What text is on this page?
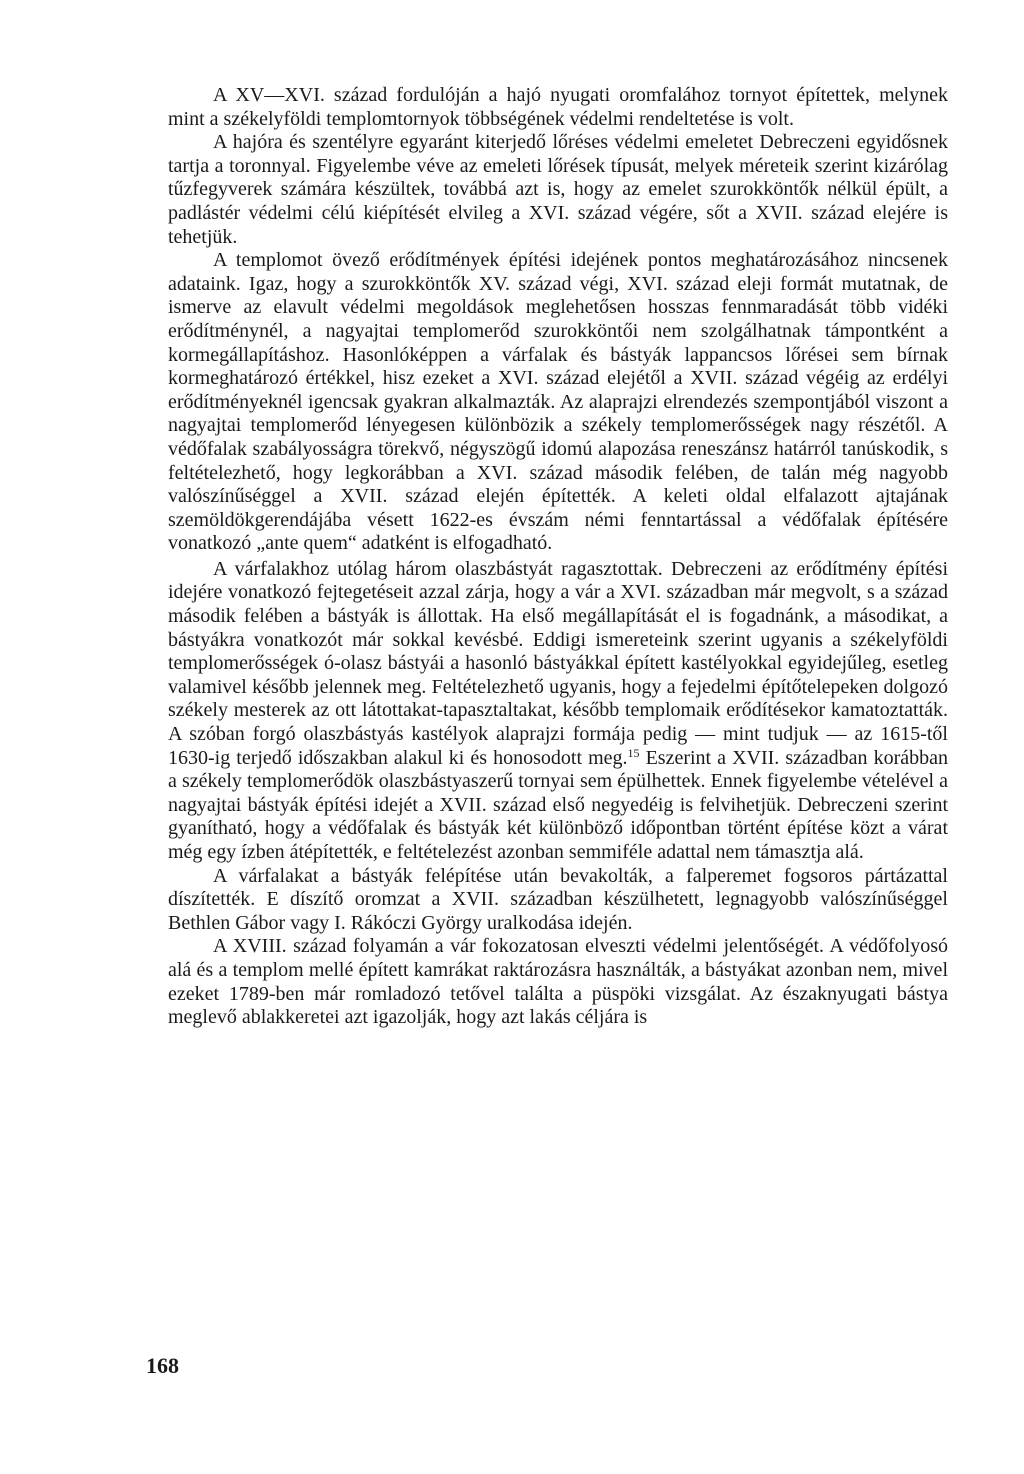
A XV—XVI. század fordulóján a hajó nyugati oromfalához tornyot építettek, melynek mint a székelyföldi templomtornyok többségének védelmi rendeltetése is volt.

A hajóra és szentélyre egyaránt kiterjedő lőréses védelmi emeletet Debreczeni egyidősnek tartja a toronnyal. Figyelembe véve az emeleti lőrések típusát, melyek méreteik szerint kizárólag tűzfegyverek számára készültek, továbbá azt is, hogy az emelet szurokköntők nélkül épült, a padlástér védelmi célú kiépítését elvileg a XVI. század végére, sőt a XVII. század elejére is tehetjük.

A templomot övező erődítmények építési idejének pontos meghatározásához nincsenek adataink. Igaz, hogy a szurokköntők XV. század végi, XVI. század eleji formát mutatnak, de ismerve az elavult védelmi megoldások meglehetősen hosszas fennmaradását több vidéki erődítménynél, a nagyajtai templomerőd szurokköntői nem szolgálhatnak támpontként a kormegállapításhoz. Hasonlóképpen a várfalak és bástyák lappancsos lőrései sem bírnak kormeghatározó értékkel, hisz ezeket a XVI. század elejétől a XVII. század végéig az erdélyi erődítményeknél igencsak gyakran alkalmazták. Az alaprajzi elrendezés szempontjából viszont a nagyajtai templomerőd lényegesen különbözik a székely templomerősségek nagy részétől. A védőfalak szabályosságra törekvő, négyszögű idomú alapozása reneszánsz határról tanúskodik, s feltételezhető, hogy legkorábban a XVI. század második felében, de talán még nagyobb valószínűséggel a XVII. század elején építették. A keleti oldal elfalazott ajtajának szemöldökgerendájába vésett 1622-es évszám némi fenntartással a védőfalak építésére vonatkozó „ante quem“ adatként is elfogadható.

A várfalakhoz utólag három olaszbástyát ragasztottak. Debreczeni az erődítmény építési idejére vonatkozó fejtegetéseit azzal zárja, hogy a vár a XVI. században már megvolt, s a század második felében a bástyák is állottak. Ha első megállapítását el is fogadnánk, a másodikat, a bástyákra vonatkozót már sokkal kevésbé. Eddigi ismereteink szerint ugyanis a székelyföldi templomerősségek ó-olasz bástyái a hasonló bástyákkal épített kastélyokkal egyidejűleg, esetleg valamivel később jelennek meg. Feltételezhető ugyanis, hogy a fejedelmi építőtelepeken dolgozó székely mesterek az ott látottakat-tapasztaltakat, később templomaik erődítésekor kamatoztatták. A szóban forgó olaszbástyás kastélyok alaprajzi formája pedig — mint tudjuk — az 1615-től 1630-ig terjedő időszakban alakul ki és honosodott meg.$^{15}$ Eszerint a XVII. században korábban a székely templomerődök olaszbástyaszerű tornyai sem épülhettek. Ennek figyelembe vételével a nagyajtai bástyák építési idejét a XVII. század első negyedéig is felvihetjük. Debreczeni szerint gyanítható, hogy a védőfalak és bástyák két különböző időpontban történt építése közt a várat még egy ízben átépítették, e feltételezést azonban semmiféle adattal nem támasztja alá.

A várfalakat a bástyák felépítése után bevakolták, a falperemet fogsoros pártázattal díszítették. E díszítő oromzat a XVII. században készülhetett, legnagyobb valószínűséggel Bethlen Gábor vagy I. Rákóczi György uralkodása idején.

A XVIII. század folyamán a vár fokozatosan elveszti védelmi jelentőségét. A védőfolyosó alá és a templom mellé épített kamrákat raktározásra használták, a bástyákat azonban nem, mivel ezeket 1789-ben már romladozó tetővel találta a püspöki vizsgálat. Az északnyugati bástya meglevő ablakkeretei azt igazolják, hogy azt lakás céljára is

168
